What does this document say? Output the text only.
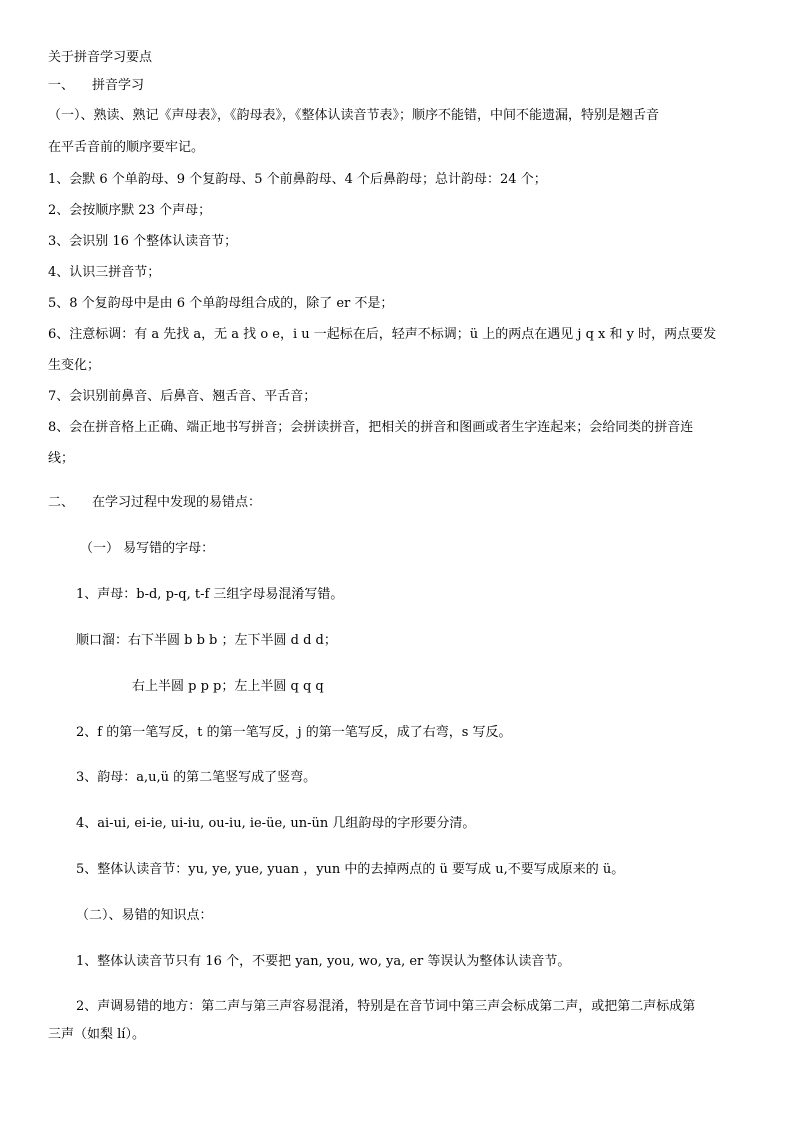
关于拼音学习要点
一、 拼音学习
（一）、熟读、熟记《声母表》，《韵母表》，《整体认读音节表》；顺序不能错，中间不能遗漏，特别是翘舌音
在平舌音前的顺序要牢记。
1、会默 6 个单韵母、9 个复韵母、5 个前鼻韵母、4 个后鼻韵母；总计韵母：24 个；
2、会按顺序默 23 个声母；
3、会识别 16 个整体认读音节；
4、认识三拼音节；
5、8 个复韵母中是由 6 个单韵母组合成的，除了 er 不是；
6、注意标调：有 a 先找 a，无 a 找 o e，i u 一起标在后，轻声不标调；ü 上的两点在遇见 j q x 和 y 时，两点要发
生变化；
7、会识别前鼻音、后鼻音、翘舌音、平舌音；
8、会在拼音格上正确、端正地书写拼音；会拼读拼音，把相关的拼音和图画或者生字连起来；会给同类的拼音连
线；
二、 在学习过程中发现的易错点：
（一） 易写错的字母：
1、声母：b-d, p-q, t-f 三组字母易混淆写错。
顺口溜：右下半圆 b b b ；左下半圆 d d d；
右上半圆 p p p；左上半圆 q q q
2、f 的第一笔写反，t 的第一笔写反，j 的第一笔写反，成了右弯，s 写反。
3、韵母：a,u,ü 的第二笔竖写成了竖弯。
4、ai-ui, ei-ie, ui-iu, ou-iu, ie-üe, un-ün 几组韵母的字形要分清。
5、整体认读音节：yu, ye, yue, yuan ，yun 中的去掉两点的 ü 要写成 u,不要写成原来的 ü。
（二）、易错的知识点：
1、整体认读音节只有 16 个，不要把 yan, you, wo, ya, er 等误认为整体认读音节。
2、声调易错的地方：第二声与第三声容易混淆，特别是在音节词中第三声会标成第二声，或把第二声标成第
三声（如梨 lí）。
